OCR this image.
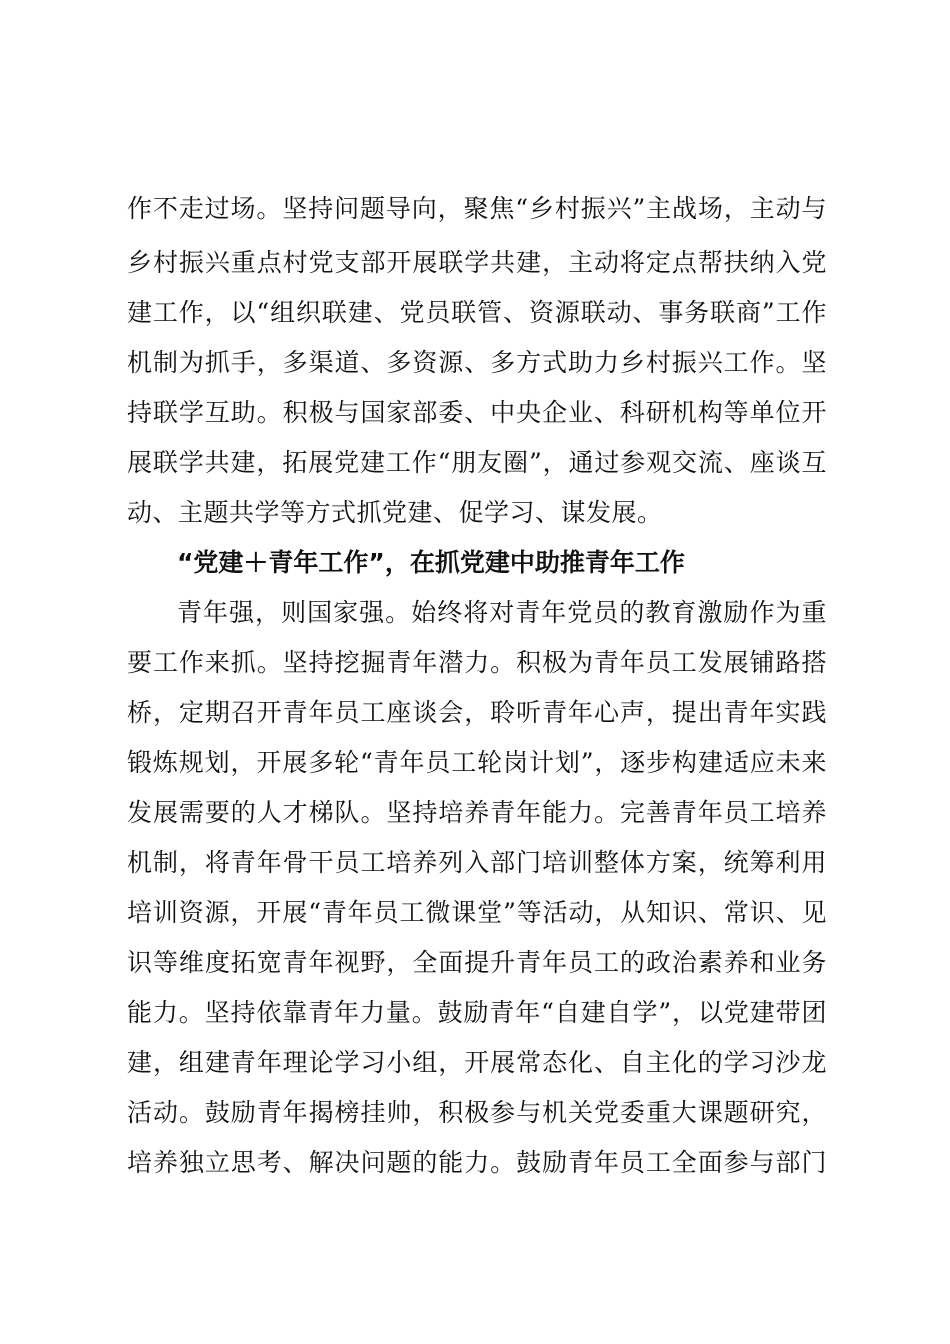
作不走过场。坚持问题导向，聚焦“乡村振兴”主战场，主动与
乡村振兴重点村党支部开展联学共建，主动将定点帮扶纳入党
建工作，以“组织联建、党员联管、资源联动、事务联商”工作
机制为抓手，多渠道、多资源、多方式助力乡村振兴工作。坚
持联学互助。积极与国家部委、中央企业、科研机构等单位开
展联学共建，拓展党建工作“朋友圈”，通过参观交流、座谈互
动、主题共学等方式抓党建、促学习、谋发展。
“党建＋青年工作”，在抓党建中助推青年工作
青年强，则国家强。始终将对青年党员的教育激励作为重
要工作来抓。坚持挖掘青年潜力。积极为青年员工发展铺路搭
桥，定期召开青年员工座谈会，聆听青年心声，提出青年实践
锻炼规划，开展多轮“青年员工轮岗计划”，逐步构建适应未来
发展需要的人才梯队。坚持培养青年能力。完善青年员工培养
机制，将青年骨干员工培养列入部门培训整体方案，统筹利用
培训资源，开展“青年员工微课堂”等活动，从知识、常识、见
识等维度拓宽青年视野，全面提升青年员工的政治素养和业务
能力。坚持依靠青年力量。鼓励青年“自建自学”，以党建带团
建，组建青年理论学习小组，开展常态化、自主化的学习沙龙
活动。鼓励青年揭榜挂帅，积极参与机关党委重大课题研究，
培养独立思考、解决问题的能力。鼓励青年员工全面参与部门
